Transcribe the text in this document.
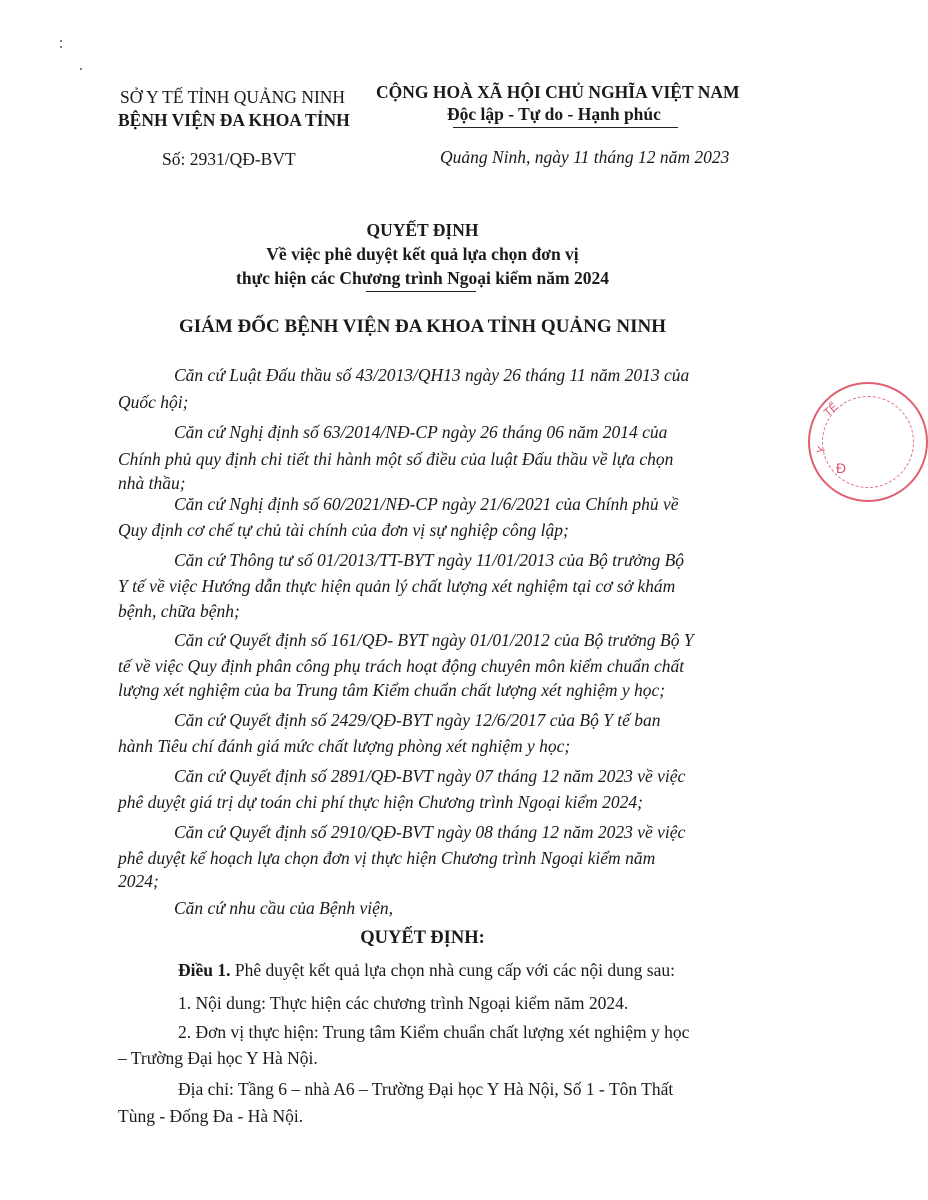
SỞ Y TẾ TỈNH QUẢNG NINH
BỆNH VIỆN ĐA KHOA TỈNH
CỘNG HOÀ XÃ HỘI CHỦ NGHĨA VIỆT NAM
Độc lập - Tự do - Hạnh phúc
Số: 2931/QĐ-BVT	Quảng Ninh, ngày 11 tháng 12 năm 2023
QUYẾT ĐỊNH
Về việc phê duyệt kết quả lựa chọn đơn vị
thực hiện các Chương trình Ngoại kiểm năm 2024
GIÁM ĐỐC BỆNH VIỆN ĐA KHOA TỈNH QUẢNG NINH
Căn cứ Luật Đấu thầu số 43/2013/QH13 ngày 26 tháng 11 năm 2013 của
Quốc hội;
Căn cứ Nghị định số 63/2014/NĐ-CP ngày 26 tháng 06 năm 2014 của
Chính phủ quy định chi tiết thi hành một số điều của luật Đấu thầu về lựa chọn
nhà thầu;
Căn cứ Nghị định số 60/2021/NĐ-CP ngày 21/6/2021 của Chính phủ về
Quy định cơ chế tự chủ tài chính của đơn vị sự nghiệp công lập;
Căn cứ Thông tư số 01/2013/TT-BYT ngày 11/01/2013 của Bộ trưởng Bộ
Y tế về việc Hướng dẫn thực hiện quản lý chất lượng xét nghiệm tại cơ sở khám
bệnh, chữa bệnh;
Căn cứ Quyết định số 161/QĐ- BYT ngày 01/01/2012 của Bộ trưởng Bộ Y
tế về việc Quy định phân công phụ trách hoạt động chuyên môn kiểm chuẩn chất
lượng xét nghiệm của ba Trung tâm Kiểm chuẩn chất lượng xét nghiệm y học;
Căn cứ Quyết định số 2429/QĐ-BYT ngày 12/6/2017 của Bộ Y tế ban
hành Tiêu chí đánh giá mức chất lượng phòng xét nghiệm y học;
Căn cứ Quyết định số 2891/QĐ-BVT ngày 07 tháng 12 năm 2023 về việc
phê duyệt giá trị dự toán chi phí thực hiện Chương trình Ngoại kiểm 2024;
Căn cứ Quyết định số 2910/QĐ-BVT ngày 08 tháng 12 năm 2023 về việc
phê duyệt kế hoạch lựa chọn đơn vị thực hiện Chương trình Ngoại kiểm năm
2024;
Căn cứ nhu cầu của Bệnh viện,
QUYẾT ĐỊNH:
Điều 1. Phê duyệt kết quả lựa chọn nhà cung cấp với các nội dung sau:
1. Nội dung: Thực hiện các chương trình Ngoại kiểm năm 2024.
2. Đơn vị thực hiện: Trung tâm Kiểm chuẩn chất lượng xét nghiệm y học
– Trường Đại học Y Hà Nội.
Địa chỉ: Tầng 6 – nhà A6 – Trường Đại học Y Hà Nội, Số 1 - Tôn Thất
Tùng - Đống Đa - Hà Nội.
TẾ
Y
Đ
